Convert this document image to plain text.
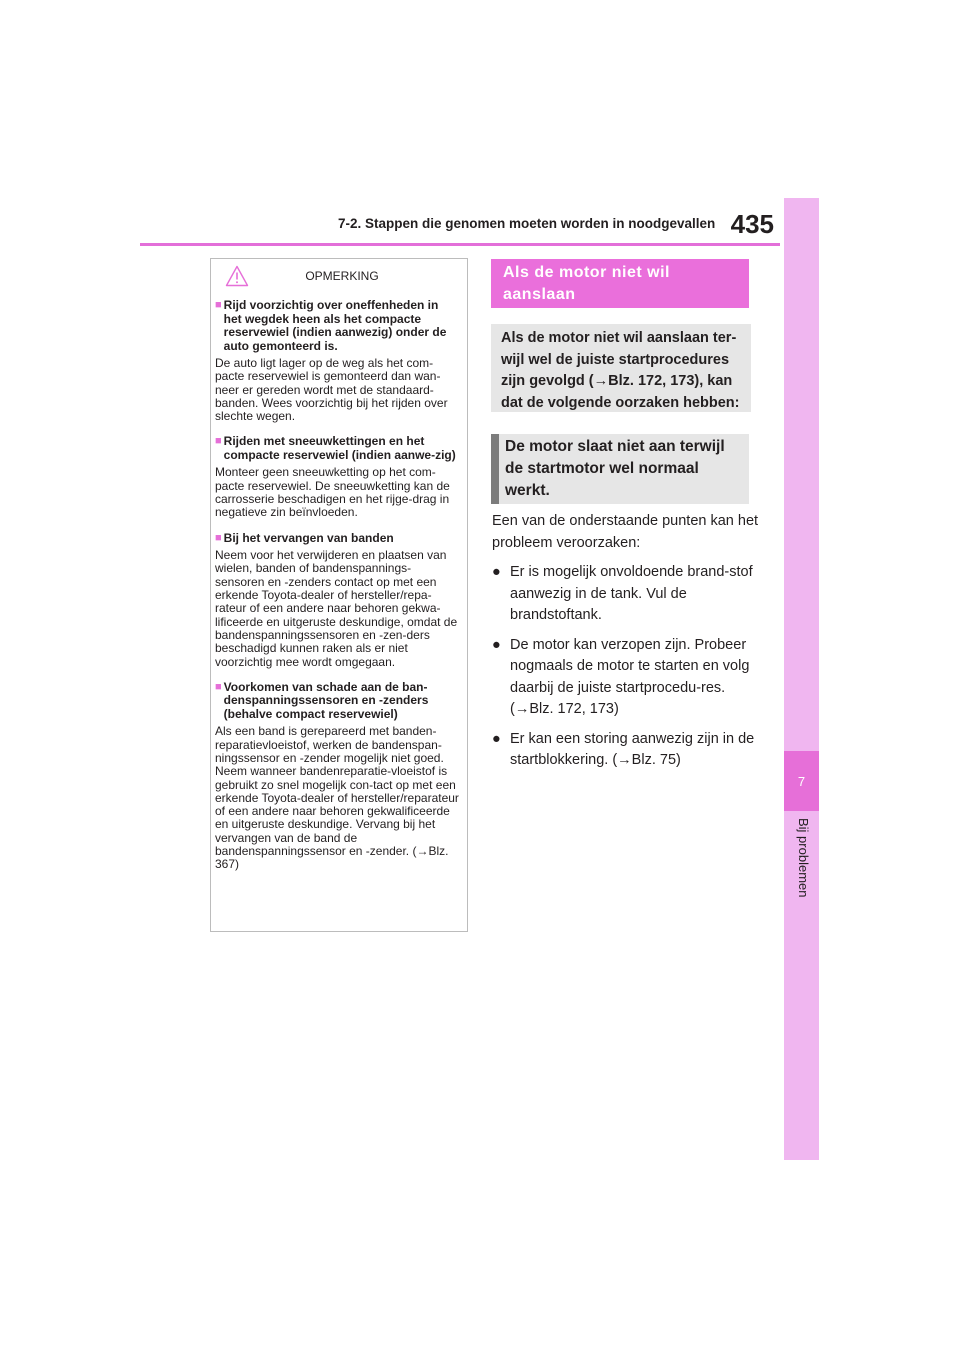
7-2. Stappen die genomen moeten worden in noodgevallen 435
7
Bij problemen
OPMERKING
■ Rijd voorzichtig over oneffenheden in het wegdek heen als het compacte reservewiel (indien aanwezig) onder de auto gemonteerd is.
De auto ligt lager op de weg als het com-pacte reservewiel is gemonteerd dan wan-neer er gereden wordt met de standaard-banden. Wees voorzichtig bij het rijden over slechte wegen.
■ Rijden met sneeuwkettingen en het compacte reservewiel (indien aanwe-zig)
Monteer geen sneeuwketting op het com-pacte reservewiel. De sneeuwketting kan de carrosserie beschadigen en het rijge-drag in negatieve zin beïnvloeden.
■ Bij het vervangen van banden
Neem voor het verwijderen en plaatsen van wielen, banden of bandenspannings-sensoren en -zenders contact op met een erkende Toyota-dealer of hersteller/repa-rateur of een andere naar behoren gekwa-lificeerde en uitgeruste deskundige, omdat de bandenspanningssensoren en -zen-ders beschadigd kunnen raken als er niet voorzichtig mee wordt omgegaan.
■ Voorkomen van schade aan de ban-denspanningssensoren en -zenders (behalve compact reservewiel)
Als een band is gerepareerd met banden-reparatievloeistof, werken de bandenspan-ningssensor en -zender mogelijk niet goed. Neem wanneer bandenreparatie-vloeistof is gebruikt zo snel mogelijk con-tact op met een erkende Toyota-dealer of hersteller/reparateur of een andere naar behoren gekwalificeerde en uitgeruste deskundige. Vervang bij het vervangen van de band de bandenspanningssensor en -zender. (→Blz. 367)
Als de motor niet wil aanslaan
Als de motor niet wil aanslaan ter-wijl wel de juiste startprocedures zijn gevolgd (→Blz. 172, 173), kan dat de volgende oorzaken hebben:
De motor slaat niet aan terwijl de startmotor wel normaal werkt.
Een van de onderstaande punten kan het probleem veroorzaken:
● Er is mogelijk onvoldoende brand-stof aanwezig in de tank. Vul de brandstoftank.
● De motor kan verzopen zijn. Probeer nogmaals de motor te starten en volg daarbij de juiste startprocedu-res. (→Blz. 172, 173)
● Er kan een storing aanwezig zijn in de startblokkering. (→Blz. 75)
